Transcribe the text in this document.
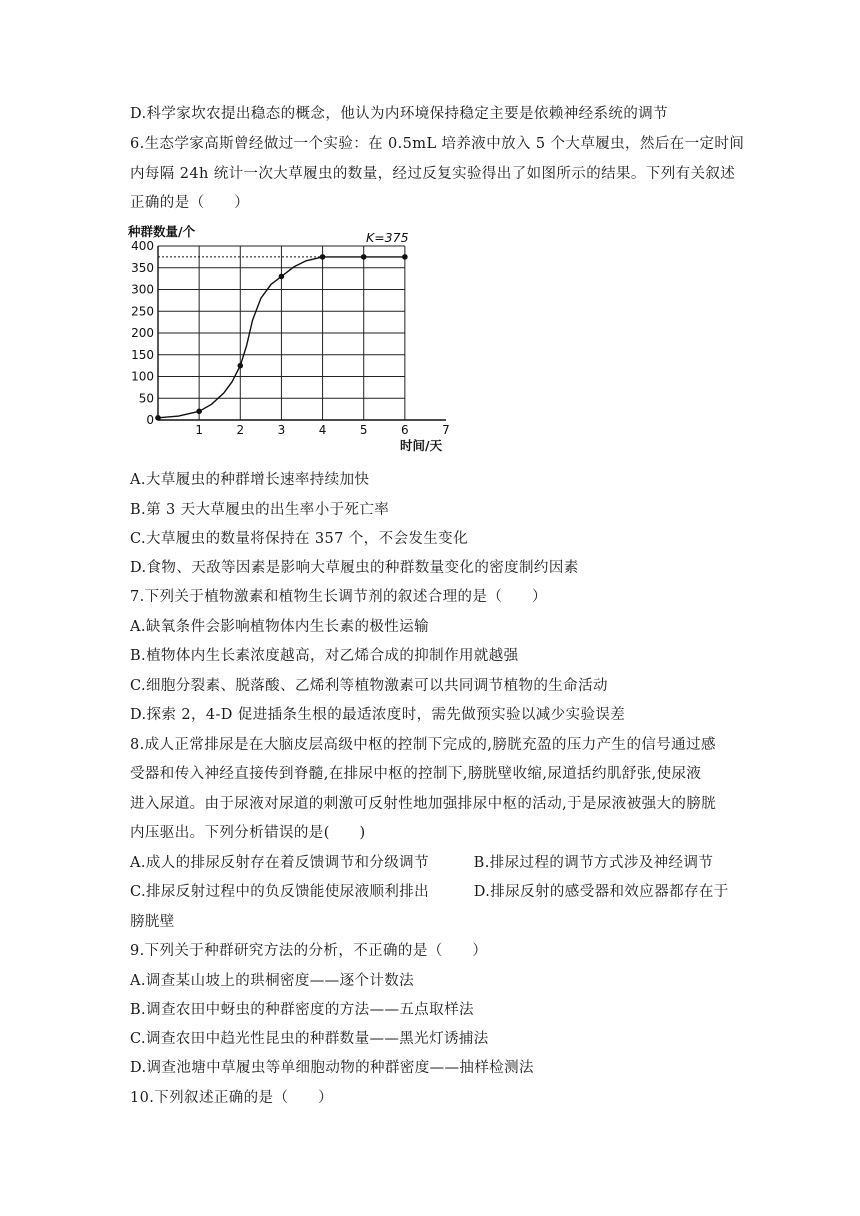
D.科学家坎农提出稳态的概念，他认为内环境保持稳定主要是依赖神经系统的调节

6.生态学家高斯曾经做过一个实验：在 0.5mL 培养液中放入 5 个大草履虫，然后在一定时间

内每隔 24h 统计一次大草履虫的数量，经过反复实验得出了如图所示的结果。下列有关叙述

正确的是（　　）

0
50
100
150
200
250
300
350
400
1	2	3	4	5	6	7
种群数量/个
时间/天
K=375

A.大草履虫的种群增长速率持续加快

B.第 3 天大草履虫的出生率小于死亡率

C.大草履虫的数量将保持在 357 个，不会发生变化

D.食物、天敌等因素是影响大草履虫的种群数量变化的密度制约因素

7.下列关于植物激素和植物生长调节剂的叙述合理的是（　　）

A.缺氧条件会影响植物体内生长素的极性运输

B.植物体内生长素浓度越高，对乙烯合成的抑制作用就越强

C.细胞分裂素、脱落酸、乙烯利等植物激素可以共同调节植物的生命活动

D.探索 2，4-D 促进插条生根的最适浓度时，需先做预实验以减少实验误差

8.成人正常排尿是在大脑皮层高级中枢的控制下完成的,膀胱充盈的压力产生的信号通过感

受器和传入神经直接传到脊髓,在排尿中枢的控制下,膀胱壁收缩,尿道括约肌舒张,使尿液

进入尿道。由于尿液对尿道的刺激可反射性地加强排尿中枢的活动,于是尿液被强大的膀胱

内压驱出。下列分析错误的是(　　)

A.成人的排尿反射存在着反馈调节和分级调节　　　B.排尿过程的调节方式涉及神经调节

C.排尿反射过程中的负反馈能使尿液顺利排出　　　D.排尿反射的感受器和效应器都存在于

膀胱壁

9.下列关于种群研究方法的分析，不正确的是（　　）

A.调查某山坡上的珙桐密度——逐个计数法

B.调查农田中蚜虫的种群密度的方法——五点取样法

C.调查农田中趋光性昆虫的种群数量——黑光灯诱捕法

D.调查池塘中草履虫等单细胞动物的种群密度——抽样检测法

10.下列叙述正确的是（　　）
